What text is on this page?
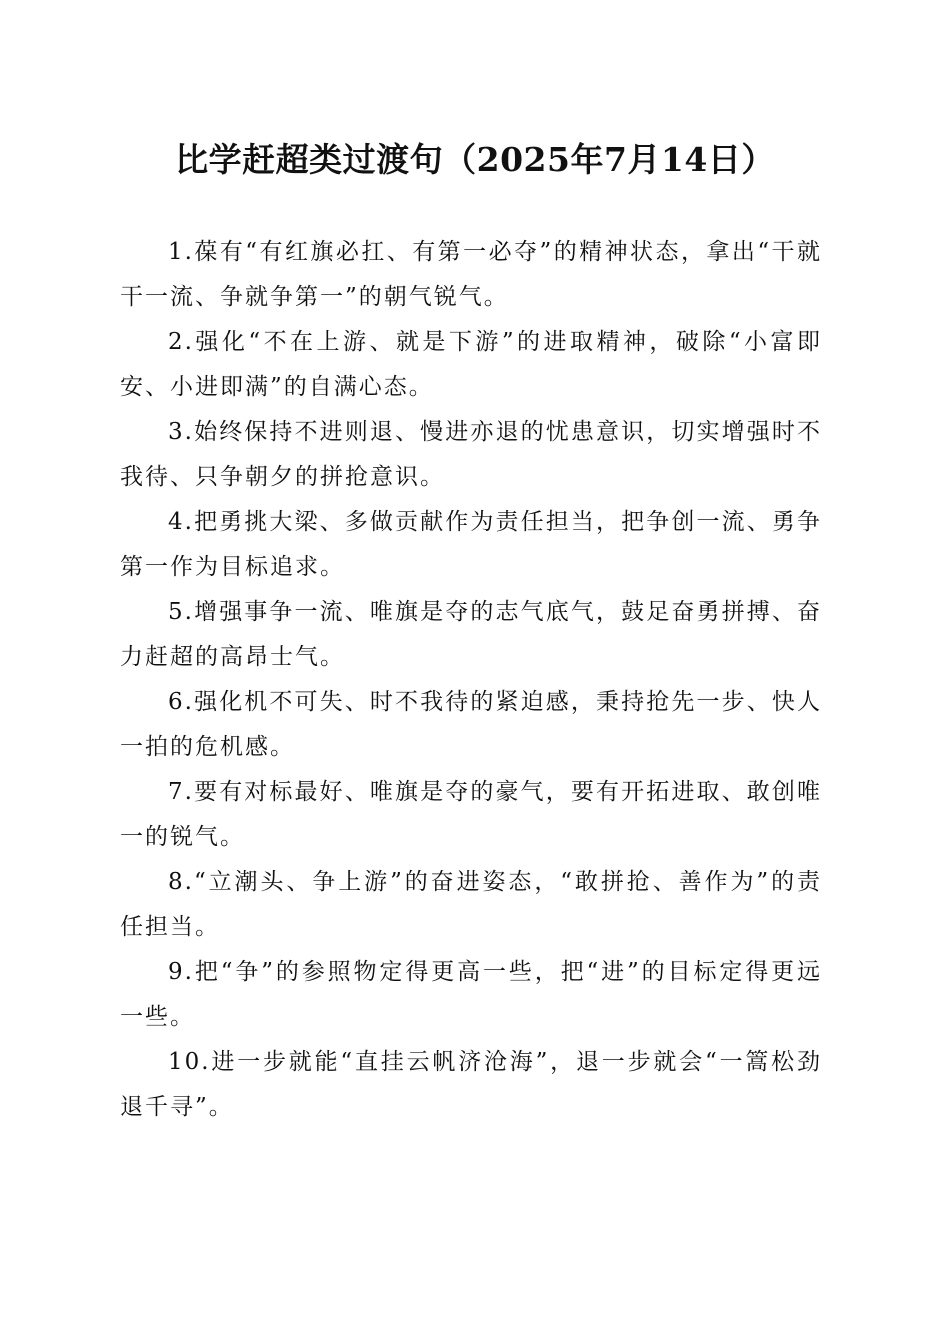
比学赶超类过渡句（2025年7月14日）

1.葆有“有红旗必扛、有第一必夺”的精神状态，拿出“干就干一流、争就争第一”的朝气锐气。

2.强化“不在上游、就是下游”的进取精神，破除“小富即安、小进即满”的自满心态。

3.始终保持不进则退、慢进亦退的忧患意识，切实增强时不我待、只争朝夕的拼抢意识。

4.把勇挑大梁、多做贡献作为责任担当，把争创一流、勇争第一作为目标追求。

5.增强事争一流、唯旗是夺的志气底气，鼓足奋勇拼搏、奋力赶超的高昂士气。

6.强化机不可失、时不我待的紧迫感，秉持抢先一步、快人一拍的危机感。

7.要有对标最好、唯旗是夺的豪气，要有开拓进取、敢创唯一的锐气。

8.“立潮头、争上游”的奋进姿态，“敢拼抢、善作为”的责任担当。

9.把“争”的参照物定得更高一些，把“进”的目标定得更远一些。

10.进一步就能“直挂云帆济沧海”，退一步就会“一篙松劲退千寻”。
